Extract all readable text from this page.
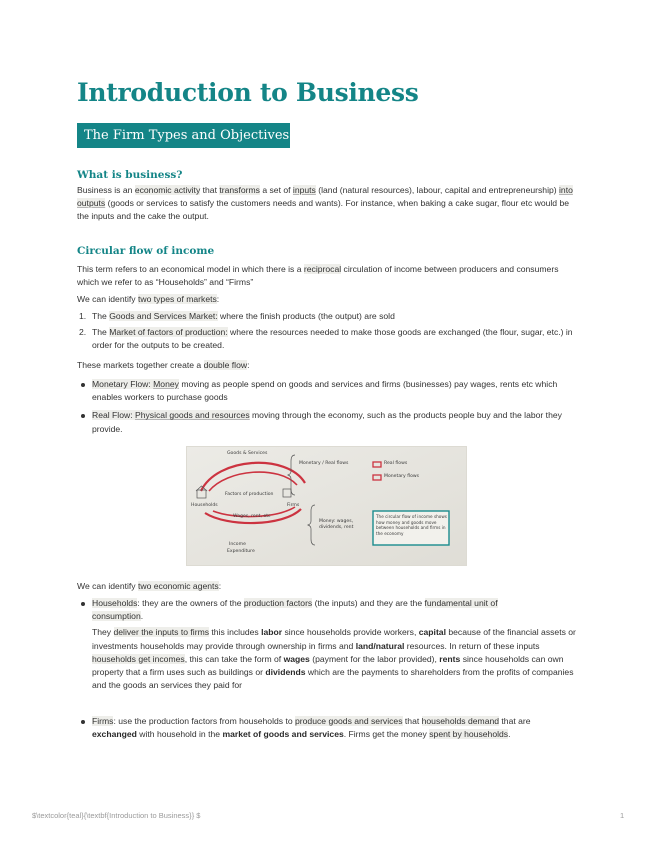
Introduction to Business
The Firm Types and Objectives
What is business?
Business is an economic activity that transforms a set of inputs (land (natural resources), labour, capital and entrepreneurship) into outputs (goods or services to satisfy the customers needs and wants). For instance, when baking a cake sugar, flour etc would be the inputs and the cake the output.
Circular flow of income
This term refers to an economical model in which there is a reciprocal circulation of income between producers and consumers which we refer to as “Households” and “Firms”
We can identify two types of markets:
1. The Goods and Services Market: where the finish products (the output) are sold
2. The Market of factors of production: where the resources needed to make those goods are exchanged (the flour, sugar, etc.) in order for the outputs to be created.
These markets together create a double flow:
Monetary Flow: Money moving as people spend on goods and services and firms (businesses) pay wages, rents etc which enables workers to purchase goods
Real Flow: Physical goods and resources moving through the economy, such as the products people buy and the labor they provide.
Goods & Services
Monetary / Real flows
Factors of production
Households	Firms
Wages, rent, etc
Income
Expenditure
Money: wages, dividends, rent
Real flows
Monetary flows
The circular flow of income shows how money and goods move between households and firms in the economy
We can identify two economic agents:
Households: they are the owners of the production factors (the inputs) and they are the fundamental unit of consumption.
They deliver the inputs to firms this includes labor since households provide workers, capital because of the financial assets or investments households may provide through ownership in firms and land/natural resources. In return of these inputs households get incomes, this can take the form of wages (payment for the labor provided), rents since households can own property that a firm uses such as buildings or dividends which are the payments to shareholders from the profits of companies and the goods an services they paid for
Firms: use the production factors from households to produce goods and services that households demand that are exchanged with household in the market of goods and services. Firms get the money spent by households.
$\textcolor{teal}{\textbf{Introduction to Business}} $	1
